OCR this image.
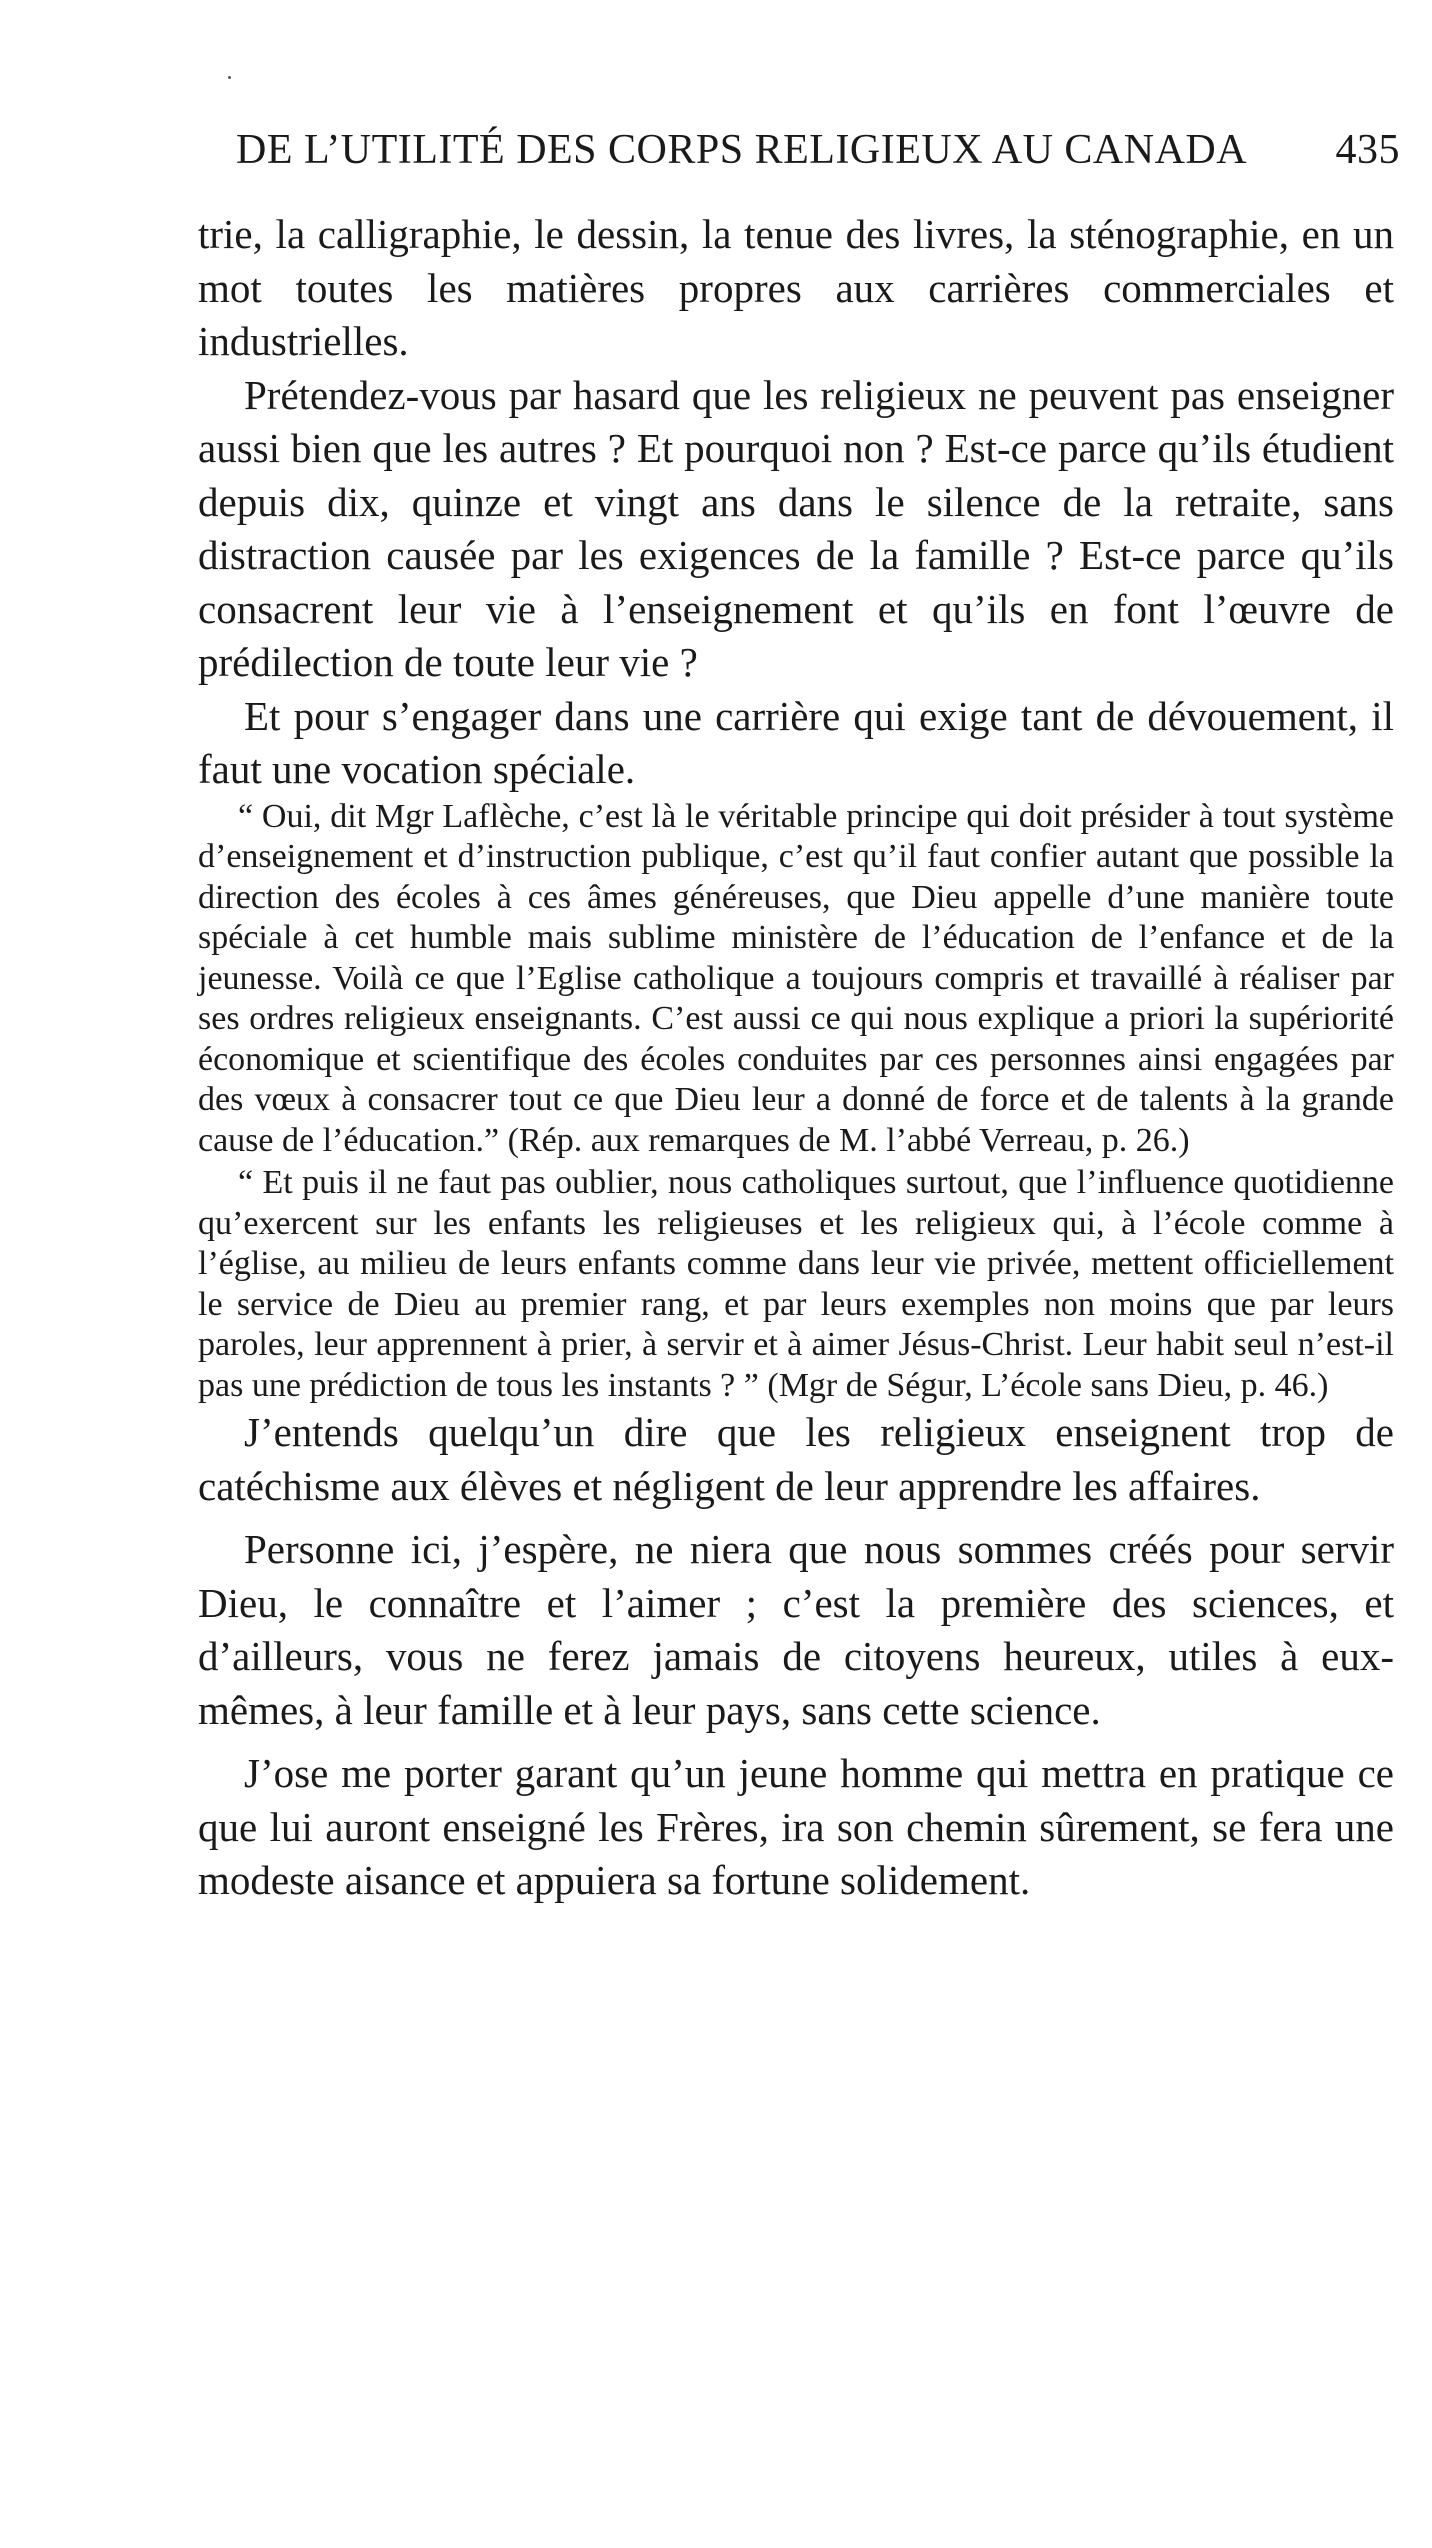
DE L’UTILITÉ DES CORPS RELIGIEUX AU CANADA 435

trie, la calligraphie, le dessin, la tenue des livres, la sténographie, en un mot toutes les matières propres aux carrières commerciales et industrielles.

Prétendez-vous par hasard que les religieux ne peuvent pas enseigner aussi bien que les autres ? Et pourquoi non ? Est-ce parce qu’ils étudient depuis dix, quinze et vingt ans dans le silence de la retraite, sans distraction causée par les exigences de la famille ? Est-ce parce qu’ils consacrent leur vie à l’enseignement et qu’ils en font l’œuvre de prédilection de toute leur vie ?

Et pour s’engager dans une carrière qui exige tant de dévouement, il faut une vocation spéciale.

“ Oui, dit Mgr Laflèche, c’est là le véritable principe qui doit présider à tout système d’enseignement et d’instruction publique, c’est qu’il faut confier autant que possible la direction des écoles à ces âmes généreuses, que Dieu appelle d’une manière toute spéciale à cet humble mais sublime ministère de l’éducation de l’enfance et de la jeunesse. Voilà ce que l’Eglise catholique a toujours compris et travaillé à réaliser par ses ordres religieux enseignants. C’est aussi ce qui nous explique a priori la supériorité économique et scientifique des écoles conduites par ces personnes ainsi engagées par des vœux à consacrer tout ce que Dieu leur a donné de force et de talents à la grande cause de l’éducation.” (Rép. aux remarques de M. l’abbé Verreau, p. 26.)

“ Et puis il ne faut pas oublier, nous catholiques surtout, que l’influence quotidienne qu’exercent sur les enfants les religieuses et les religieux qui, à l’école comme à l’église, au milieu de leurs enfants comme dans leur vie privée, mettent officiellement le service de Dieu au premier rang, et par leurs exemples non moins que par leurs paroles, leur apprennent à prier, à servir et à aimer Jésus-Christ. Leur habit seul n’est-il pas une prédiction de tous les instants ? ” (Mgr de Ségur, L’école sans Dieu, p. 46.)

J’entends quelqu’un dire que les religieux enseignent trop de catéchisme aux élèves et négligent de leur apprendre les affaires.

Personne ici, j’espère, ne niera que nous sommes créés pour servir Dieu, le connaître et l’aimer ; c’est la première des sciences, et d’ailleurs, vous ne ferez jamais de citoyens heureux, utiles à eux-mêmes, à leur famille et à leur pays, sans cette science.

J’ose me porter garant qu’un jeune homme qui mettra en pratique ce que lui auront enseigné les Frères, ira son chemin sûrement, se fera une modeste aisance et appuiera sa fortune solidement.
